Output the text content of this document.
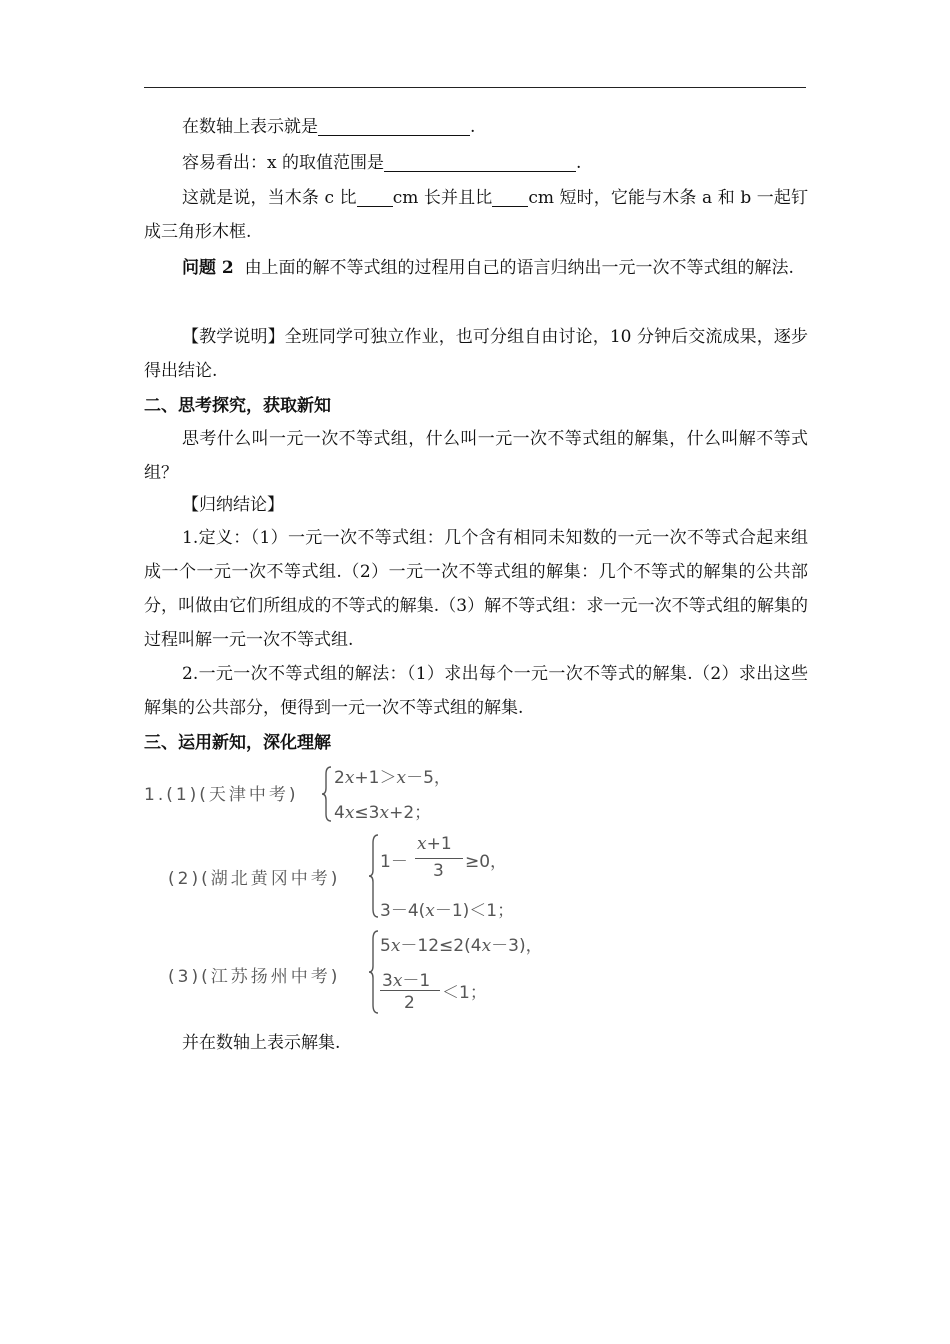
在数轴上表示就是	.

容易看出：x 的取值范围是	.

这就是说，当木条 c 比 cm 长并且比 cm 短时，它能与木条 a 和 b 一起钉成三角形木框.

问题 2 由上面的解不等式组的过程用自己的语言归纳出一元一次不等式组的解法.

【教学说明】全班同学可独立作业，也可分组自由讨论，10 分钟后交流成果，逐步得出结论.

二、思考探究，获取新知

思考什么叫一元一次不等式组，什么叫一元一次不等式组的解集，什么叫解不等式组？

【归纳结论】

1.定义：（1）一元一次不等式组：几个含有相同未知数的一元一次不等式合起来组成一个一元一次不等式组.（2）一元一次不等式组的解集：几个不等式的解集的公共部分，叫做由它们所组成的不等式的解集.（3）解不等式组：求一元一次不等式组的解集的过程叫解一元一次不等式组.

2.一元一次不等式组的解法：（1）求出每个一元一次不等式的解集.（2）求出这些解集的公共部分，便得到一元一次不等式组的解集.

三、运用新知，深化理解

1.(1)(天津中考)
2x+1＞x－5，
4x≤3x+2；
(2)(湖北黄冈中考)
1－
x+1
3 ≥0，
3－4(x－1)＜1；
(3)(江苏扬州中考)
5x－12≤2(4x－3)，
3x－1
2 ＜1；

并在数轴上表示解集.
